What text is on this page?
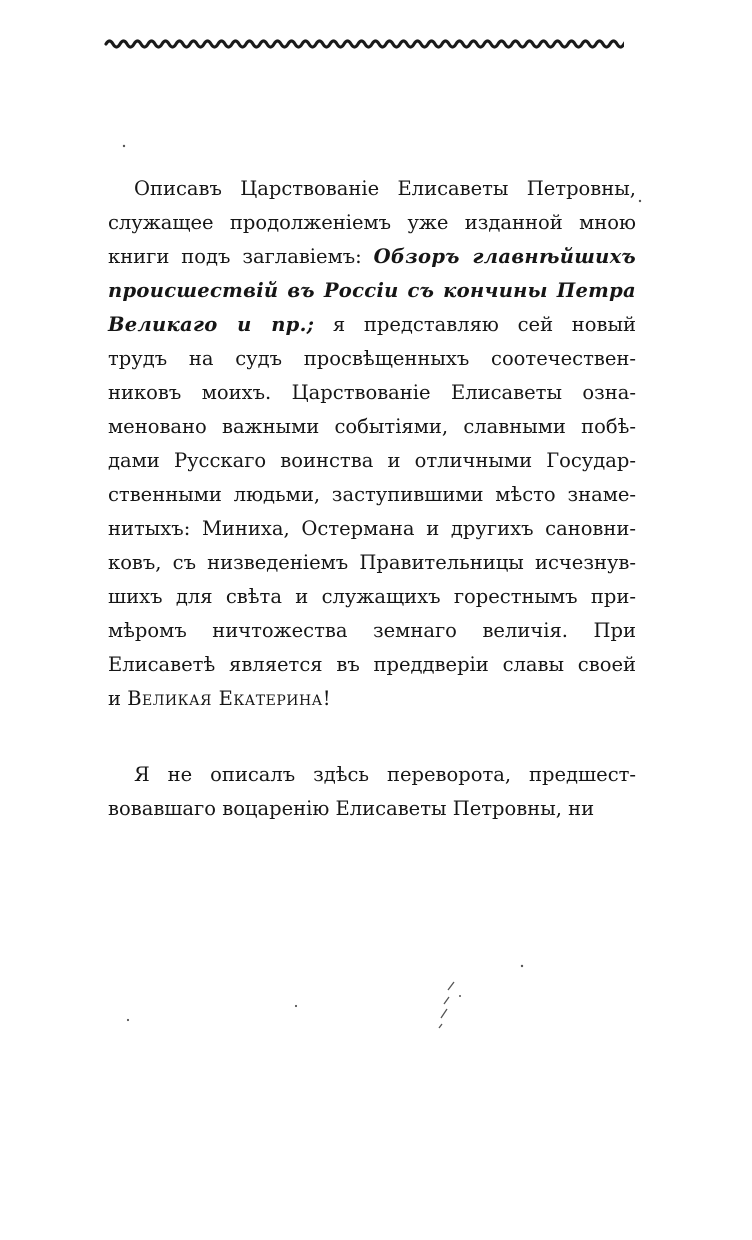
Описавъ Царствованіе Елисаветы Петровны,
служащее продолженіемъ уже изданной мною
книги подъ заглавіемъ: Обзоръ главнѣйшихъ
происшествій въ Россіи съ кончины Петра
Великаго и пр.; я представляю сей новый
трудъ на судъ просвѣщенныхъ соотечествен-
никовъ моихъ. Царствованіе Елисаветы озна-
меновано важными событіями, славными побѣ-
дами Русскаго воинства и отличными Государ-
ственными людьми, заступившими мѣсто знаме-
нитыхъ: Миниха, Остермана и другихъ сановни-
ковъ, съ низведеніемъ Правительницы исчезнув-
шихъ для свѣта и служащихъ горестнымъ при-
мѣромъ ничтожества земнаго величія. При
Елисаветѣ является въ преддверіи славы своей
и Великая Екатерина!
Я не описалъ здѣсь переворота, предшест-
вовавшаго воцаренію Елисаветы Петровны, ни
